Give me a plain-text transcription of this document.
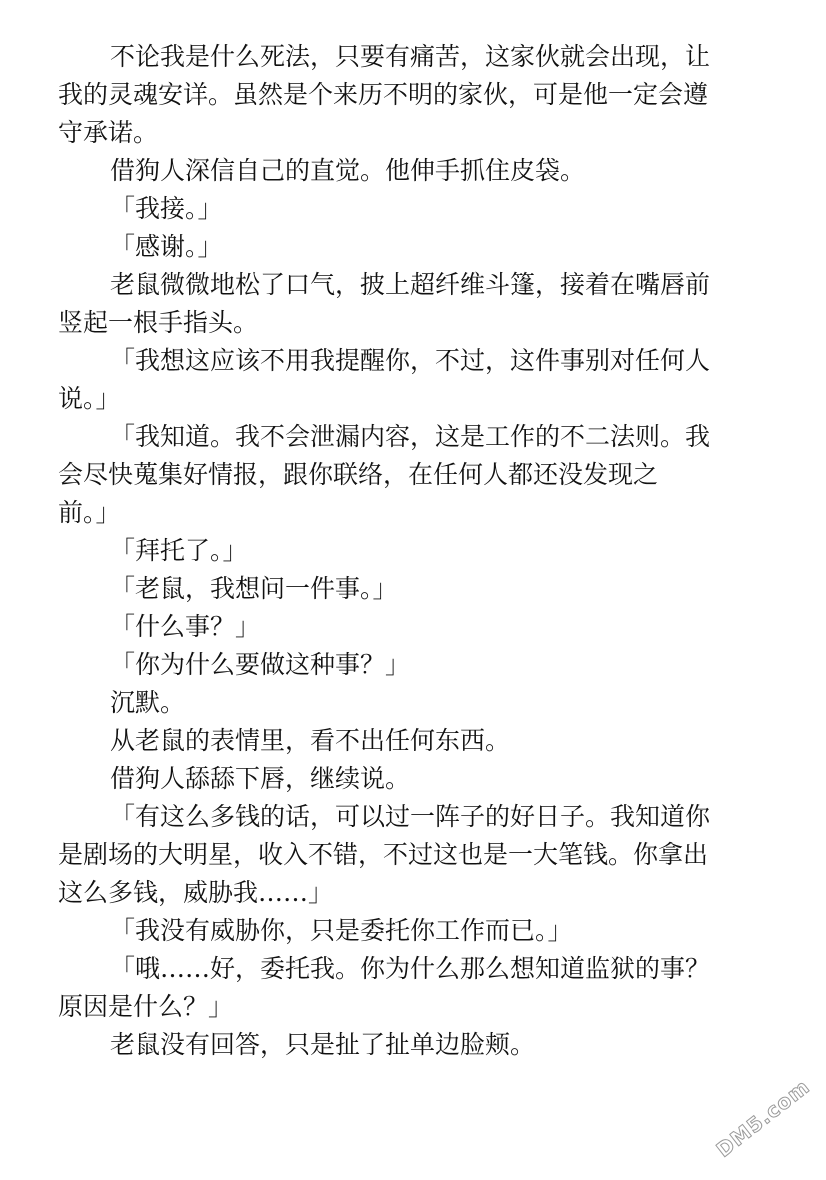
不论我是什么死法，只要有痛苦，这家伙就会出现，让
我的灵魂安详。虽然是个来历不明的家伙，可是他一定会遵
守承诺。
借狗人深信自己的直觉。他伸手抓住皮袋。
「我接。」
「感谢。」
老鼠微微地松了口气，披上超纤维斗篷，接着在嘴唇前
竖起一根手指头。
「我想这应该不用我提醒你，不过，这件事别对任何人
说。」
「我知道。我不会泄漏内容，这是工作的不二法则。我
会尽快蒐集好情报，跟你联络，在任何人都还没发现之
前。」
「拜托了。」
「老鼠，我想问一件事。」
「什么事？」
「你为什么要做这种事？」
沉默。
从老鼠的表情里，看不出任何东西。
借狗人舔舔下唇，继续说。
「有这么多钱的话，可以过一阵子的好日子。我知道你
是剧场的大明星，收入不错，不过这也是一大笔钱。你拿出
这么多钱，威胁我……」
「我没有威胁你，只是委托你工作而已。」
「哦……好，委托我。你为什么那么想知道监狱的事？
原因是什么？」
老鼠没有回答，只是扯了扯单边脸颊。
DM5.com
